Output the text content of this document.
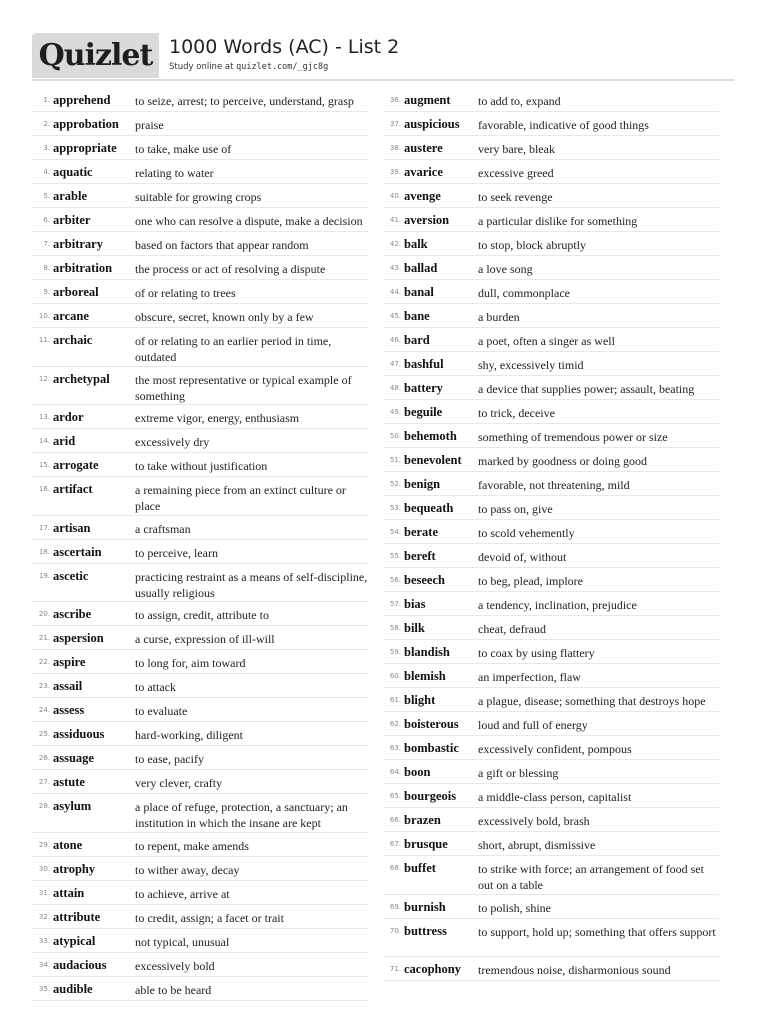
Quizlet 1000 Words (AC) - List 2
Study online at quizlet.com/_gjc8g
1. apprehend	to seize, arrest; to perceive, understand, grasp
2. approbation	praise
3. appropriate	to take, make use of
4. aquatic	relating to water
5. arable	suitable for growing crops
6. arbiter	one who can resolve a dispute, make a decision
7. arbitrary	based on factors that appear random
8. arbitration	the process or act of resolving a dispute
9. arboreal	of or relating to trees
10. arcane	obscure, secret, known only by a few
11. archaic	of or relating to an earlier period in time, outdated
12. archetypal	the most representative or typical example of something
13. ardor	extreme vigor, energy, enthusiasm
14. arid	excessively dry
15. arrogate	to take without justification
16. artifact	a remaining piece from an extinct culture or place
17. artisan	a craftsman
18. ascertain	to perceive, learn
19. ascetic	practicing restraint as a means of self-discipline, usually religious
20. ascribe	to assign, credit, attribute to
21. aspersion	a curse, expression of ill-will
22. aspire	to long for, aim toward
23. assail	to attack
24. assess	to evaluate
25. assiduous	hard-working, diligent
26. assuage	to ease, pacify
27. astute	very clever, crafty
28. asylum	a place of refuge, protection, a sanctuary; an institution in which the insane are kept
29. atone	to repent, make amends
30. atrophy	to wither away, decay
31. attain	to achieve, arrive at
32. attribute	to credit, assign; a facet or trait
33. atypical	not typical, unusual
34. audacious	excessively bold
35. audible	able to be heard
36. augment	to add to, expand
37. auspicious	favorable, indicative of good things
38. austere	very bare, bleak
39. avarice	excessive greed
40. avenge	to seek revenge
41. aversion	a particular dislike for something
42. balk	to stop, block abruptly
43. ballad	a love song
44. banal	dull, commonplace
45. bane	a burden
46. bard	a poet, often a singer as well
47. bashful	shy, excessively timid
48. battery	a device that supplies power; assault, beating
49. beguile	to trick, deceive
50. behemoth	something of tremendous power or size
51. benevolent	marked by goodness or doing good
52. benign	favorable, not threatening, mild
53. bequeath	to pass on, give
54. berate	to scold vehemently
55. bereft	devoid of, without
56. beseech	to beg, plead, implore
57. bias	a tendency, inclination, prejudice
58. bilk	cheat, defraud
59. blandish	to coax by using flattery
60. blemish	an imperfection, flaw
61. blight	a plague, disease; something that destroys hope
62. boisterous	loud and full of energy
63. bombastic	excessively confident, pompous
64. boon	a gift or blessing
65. bourgeois	a middle-class person, capitalist
66. brazen	excessively bold, brash
67. brusque	short, abrupt, dismissive
68. buffet	to strike with force; an arrangement of food set out on a table
69. burnish	to polish, shine
70. buttress	to support, hold up; something that offers support
71. cacophony	tremendous noise, disharmonious sound
